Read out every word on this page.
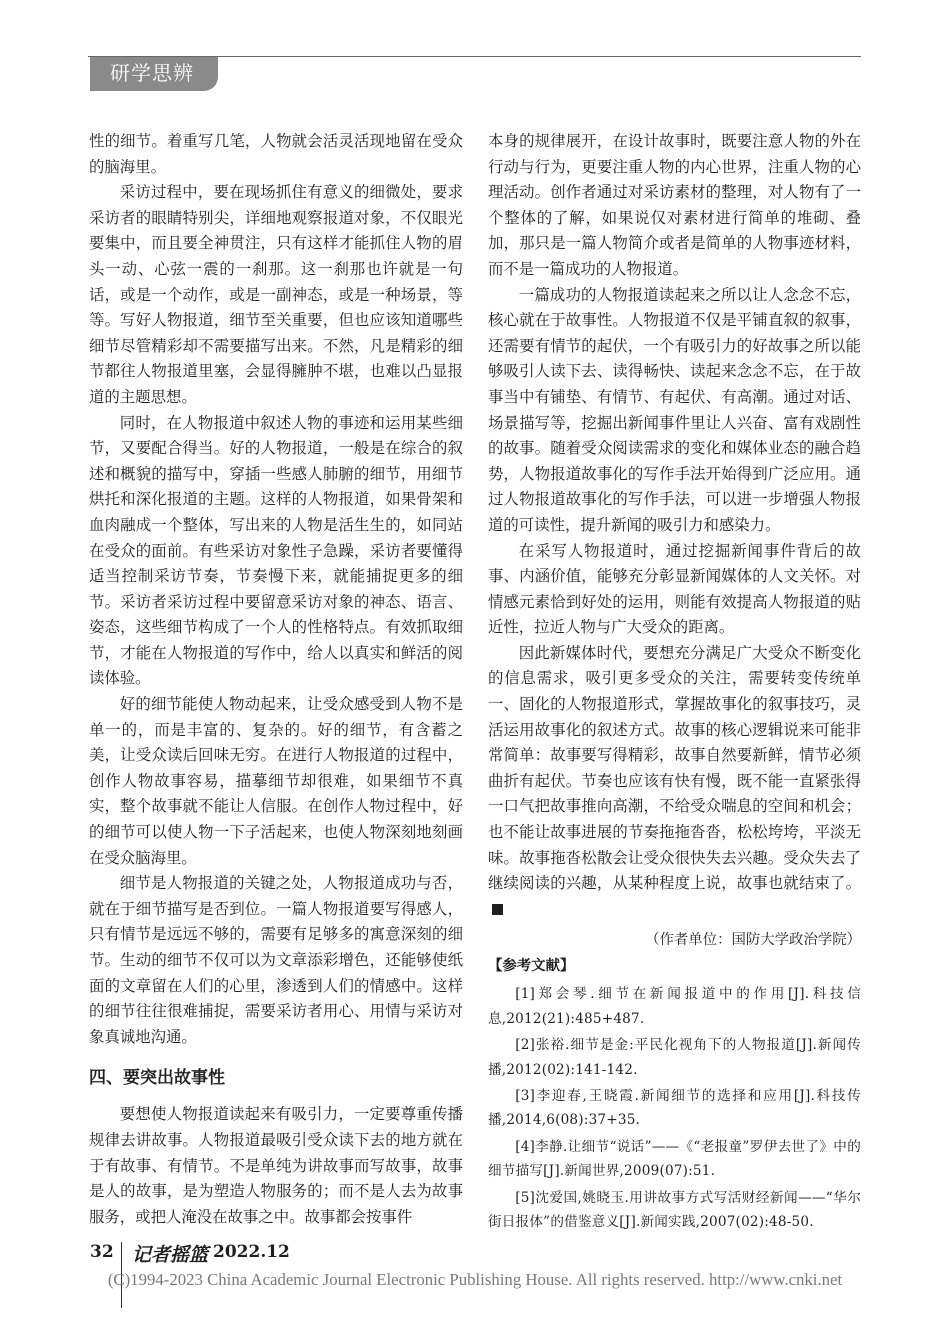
研学思辨

性的细节。着重写几笔，人物就会活灵活现地留在受众的脑海里。

采访过程中，要在现场抓住有意义的细微处，要求采访者的眼睛特别尖，详细地观察报道对象，不仅眼光要集中，而且要全神贯注，只有这样才能抓住人物的眉头一动、心弦一震的一刹那。这一刹那也许就是一句话，或是一个动作，或是一副神态，或是一种场景，等等。写好人物报道，细节至关重要，但也应该知道哪些细节尽管精彩却不需要描写出来。不然，凡是精彩的细节都往人物报道里塞，会显得臃肿不堪，也难以凸显报道的主题思想。

同时，在人物报道中叙述人物的事迹和运用某些细节，又要配合得当。好的人物报道，一般是在综合的叙述和概貌的描写中，穿插一些感人肺腑的细节，用细节烘托和深化报道的主题。这样的人物报道，如果骨架和血肉融成一个整体，写出来的人物是活生生的，如同站在受众的面前。有些采访对象性子急躁，采访者要懂得适当控制采访节奏，节奏慢下来，就能捕捉更多的细节。采访者采访过程中要留意采访对象的神态、语言、姿态，这些细节构成了一个人的性格特点。有效抓取细节，才能在人物报道的写作中，给人以真实和鲜活的阅读体验。

好的细节能使人物动起来，让受众感受到人物不是单一的，而是丰富的、复杂的。好的细节，有含蓄之美，让受众读后回味无穷。在进行人物报道的过程中，创作人物故事容易，描摹细节却很难，如果细节不真实，整个故事就不能让人信服。在创作人物过程中，好的细节可以使人物一下子活起来，也使人物深刻地刻画在受众脑海里。

细节是人物报道的关键之处，人物报道成功与否，就在于细节描写是否到位。一篇人物报道要写得感人，只有情节是远远不够的，需要有足够多的寓意深刻的细节。生动的细节不仅可以为文章添彩增色，还能够使纸面的文章留在人们的心里，渗透到人们的情感中。这样的细节往往很难捕捉，需要采访者用心、用情与采访对象真诚地沟通。

四、要突出故事性

要想使人物报道读起来有吸引力，一定要尊重传播规律去讲故事。人物报道最吸引受众读下去的地方就在于有故事、有情节。不是单纯为讲故事而写故事，故事是人的故事，是为塑造人物服务的；而不是人去为故事服务，或把人淹没在故事之中。故事都会按事件

本身的规律展开，在设计故事时，既要注意人物的外在行动与行为，更要注重人物的内心世界，注重人物的心理活动。创作者通过对采访素材的整理，对人物有了一个整体的了解，如果说仅对素材进行简单的堆砌、叠加，那只是一篇人物简介或者是简单的人物事迹材料，而不是一篇成功的人物报道。

一篇成功的人物报道读起来之所以让人念念不忘，核心就在于故事性。人物报道不仅是平铺直叙的叙事，还需要有情节的起伏，一个有吸引力的好故事之所以能够吸引人读下去、读得畅快、读起来念念不忘，在于故事当中有铺垫、有情节、有起伏、有高潮。通过对话、场景描写等，挖掘出新闻事件里让人兴奋、富有戏剧性的故事。随着受众阅读需求的变化和媒体业态的融合趋势，人物报道故事化的写作手法开始得到广泛应用。通过人物报道故事化的写作手法，可以进一步增强人物报道的可读性，提升新闻的吸引力和感染力。

在采写人物报道时，通过挖掘新闻事件背后的故事、内涵价值，能够充分彰显新闻媒体的人文关怀。对情感元素恰到好处的运用，则能有效提高人物报道的贴近性，拉近人物与广大受众的距离。

因此新媒体时代，要想充分满足广大受众不断变化的信息需求，吸引更多受众的关注，需要转变传统单一、固化的人物报道形式，掌握故事化的叙事技巧，灵活运用故事化的叙述方式。故事的核心逻辑说来可能非常简单：故事要写得精彩，故事自然要新鲜，情节必须曲折有起伏。节奏也应该有快有慢，既不能一直紧张得一口气把故事推向高潮，不给受众喘息的空间和机会；也不能让故事进展的节奏拖拖沓沓，松松垮垮，平淡无味。故事拖沓松散会让受众很快失去兴趣。受众失去了继续阅读的兴趣，从某种程度上说，故事也就结束了。

（作者单位：国防大学政治学院）
【参考文献】

[1]郑会琴.细节在新闻报道中的作用[J].科技信息,2012(21):485+487.

[2]张裕.细节是金:平民化视角下的人物报道[J].新闻传播,2012(02):141-142.

[3]李迎春,王晓霞.新闻细节的选择和应用[J].科技传播,2014,6(08):37+35.

[4]李静.让细节“说话”——《“老报童”罗伊去世了》中的细节描写[J].新闻世界,2009(07):51.

[5]沈爱国,姚晓玉.用讲故事方式写活财经新闻——“华尔街日报体”的借鉴意义[J].新闻实践,2007(02):48-50.

32 记者摇篮 2022.12
(C)1994-2023 China Academic Journal Electronic Publishing House. All rights reserved. http://www.cnki.net
